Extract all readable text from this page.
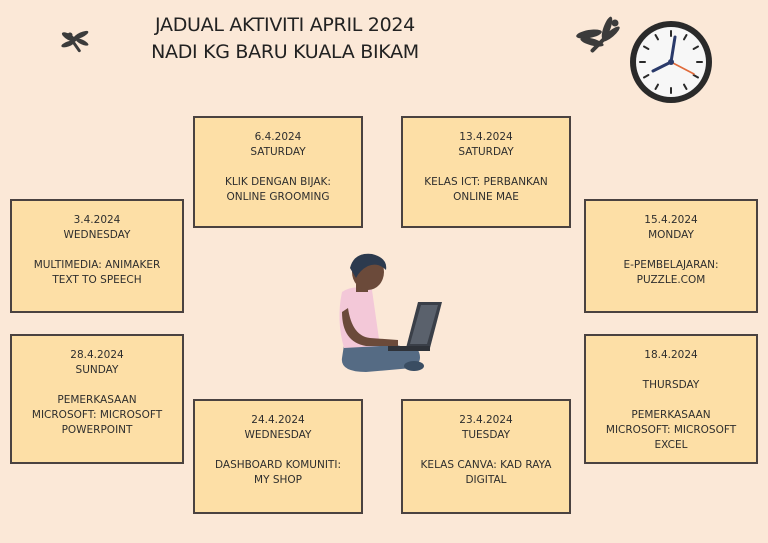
JADUAL AKTIVITI APRIL 2024
NADI KG BARU KUALA BIKAM
6.4.2024
SATURDAY
KLIK DENGAN BIJAK:
ONLINE GROOMING
13.4.2024
SATURDAY
KELAS ICT: PERBANKAN
ONLINE MAE
3.4.2024
WEDNESDAY
MULTIMEDIA: ANIMAKER
TEXT TO SPEECH
15.4.2024
MONDAY
E-PEMBELAJARAN:
PUZZLE.COM
28.4.2024
SUNDAY
PEMERKASAAN
MICROSOFT: MICROSOFT
POWERPOINT
18.4.2024
THURSDAY
PEMERKASAAN
MICROSOFT: MICROSOFT
EXCEL
24.4.2024
WEDNESDAY
DASHBOARD KOMUNITI:
MY SHOP
23.4.2024
TUESDAY
KELAS CANVA: KAD RAYA
DIGITAL
